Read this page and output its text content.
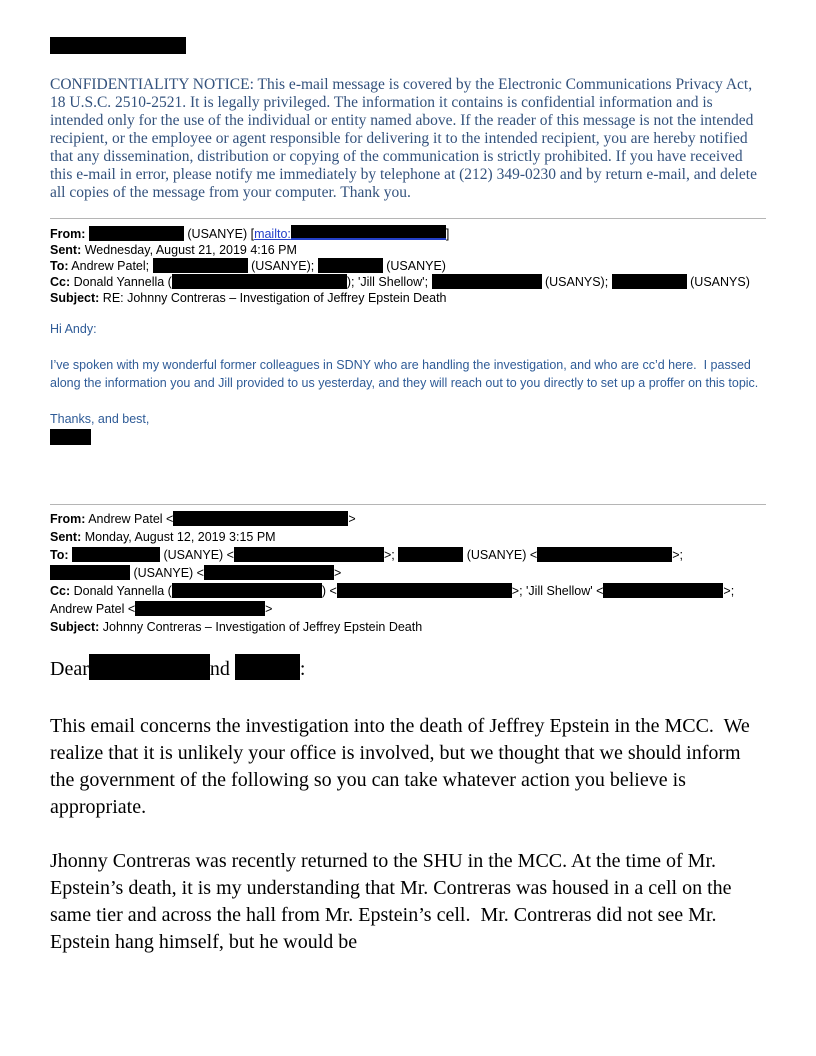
CONFIDENTIALITY NOTICE: This e-mail message is covered by the Electronic Communications Privacy Act, 18 U.S.C. 2510-2521. It is legally privileged. The information it contains is confidential information and is intended only for the use of the individual or entity named above. If the reader of this message is not the intended recipient, or the employee or agent responsible for delivering it to the intended recipient, you are hereby notified that any dissemination, distribution or copying of the communication is strictly prohibited. If you have received this e-mail in error, please notify me immediately by telephone at (212) 349-0230 and by return e-mail, and delete all copies of the message from your computer. Thank you.

From:	(USANYE) [mailto:	]
Sent: Wednesday, August 21, 2019 4:16 PM
To: Andrew Patel;	(USANYE);	(USANYE)
Cc: Donald Yannella (	); 'Jill Shellow';	(USANYS);	(USANYS)
Subject: RE: Johnny Contreras – Investigation of Jeffrey Epstein Death

Hi Andy:

I’ve spoken with my wonderful former colleagues in SDNY who are handling the investigation, and who are cc’d here.  I passed along the information you and Jill provided to us yesterday, and they will reach out to you directly to set up a proffer on this topic.

Thanks, and best,

From: Andrew Patel <	>
Sent: Monday, August 12, 2019 3:15 PM
To:	(USANYE) <	>;	(USANYE) <	>;  (USANYE) <	>
Cc: Donald Yannella (	) <	>; 'Jill Shellow' <	>; Andrew Patel <	>
Subject: Johnny Contreras – Investigation of Jeffrey Epstein Death
Dear	nd	:
This email concerns the investigation into the death of Jeffrey Epstein in the MCC.  We realize that it is unlikely your office is involved, but we thought that we should inform the government of the following so you can take whatever action you believe is appropriate.
Jhonny Contreras was recently returned to the SHU in the MCC. At the time of Mr. Epstein’s death, it is my understanding that Mr. Contreras was housed in a cell on the same tier and across the hall from Mr. Epstein’s cell.  Mr. Contreras did not see Mr. Epstein hang himself, but he would be
